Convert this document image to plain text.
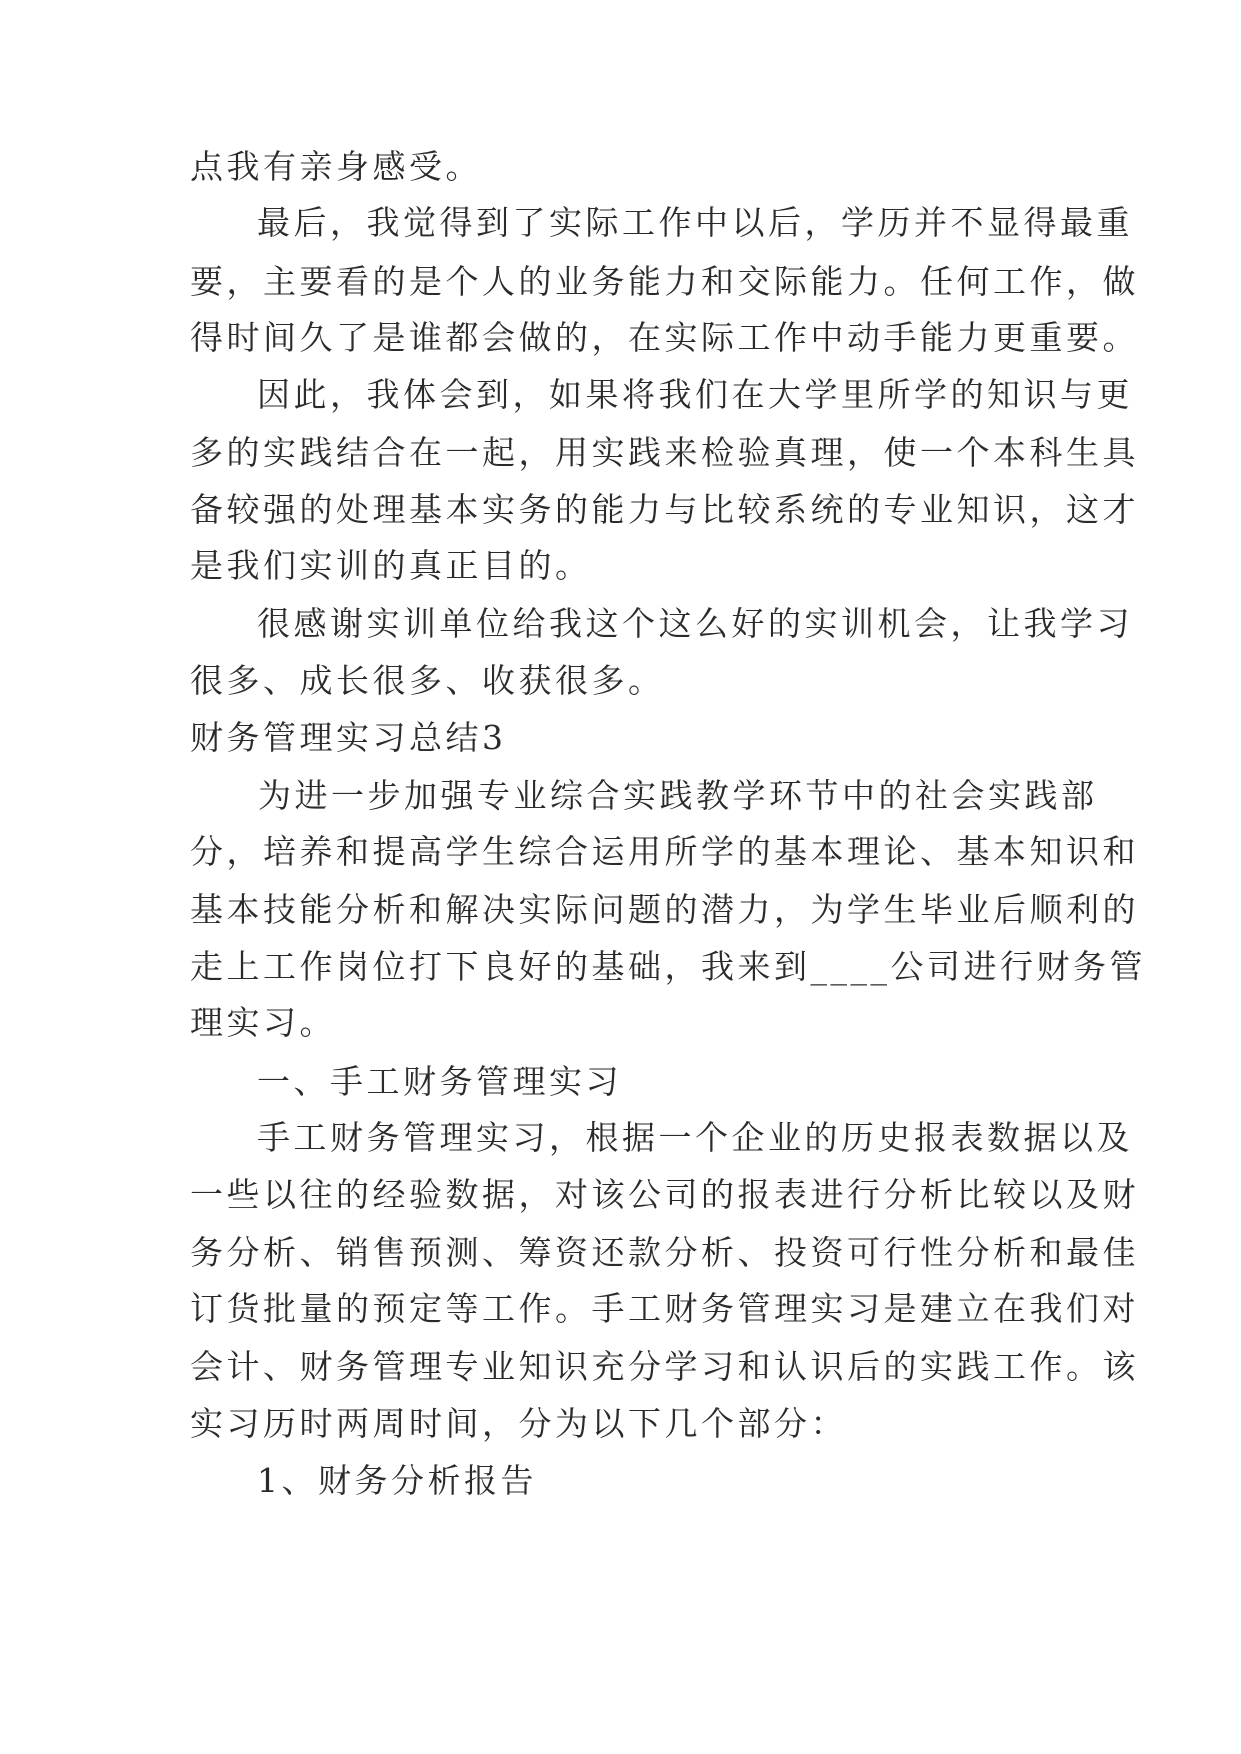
点我有亲身感受。
最后，我觉得到了实际工作中以后，学历并不显得最重
要，主要看的是个人的业务能力和交际能力。任何工作，做
得时间久了是谁都会做的，在实际工作中动手能力更重要。
因此，我体会到，如果将我们在大学里所学的知识与更
多的实践结合在一起，用实践来检验真理，使一个本科生具
备较强的处理基本实务的能力与比较系统的专业知识，这才
是我们实训的真正目的。
很感谢实训单位给我这个这么好的实训机会，让我学习
很多、成长很多、收获很多。
财务管理实习总结3
为进一步加强专业综合实践教学环节中的社会实践部
分，培养和提高学生综合运用所学的基本理论、基本知识和
基本技能分析和解决实际问题的潜力，为学生毕业后顺利的
走上工作岗位打下良好的基础，我来到____公司进行财务管
理实习。
一、手工财务管理实习
手工财务管理实习，根据一个企业的历史报表数据以及
一些以往的经验数据，对该公司的报表进行分析比较以及财
务分析、销售预测、筹资还款分析、投资可行性分析和最佳
订货批量的预定等工作。手工财务管理实习是建立在我们对
会计、财务管理专业知识充分学习和认识后的实践工作。该
实习历时两周时间，分为以下几个部分：
1、财务分析报告
